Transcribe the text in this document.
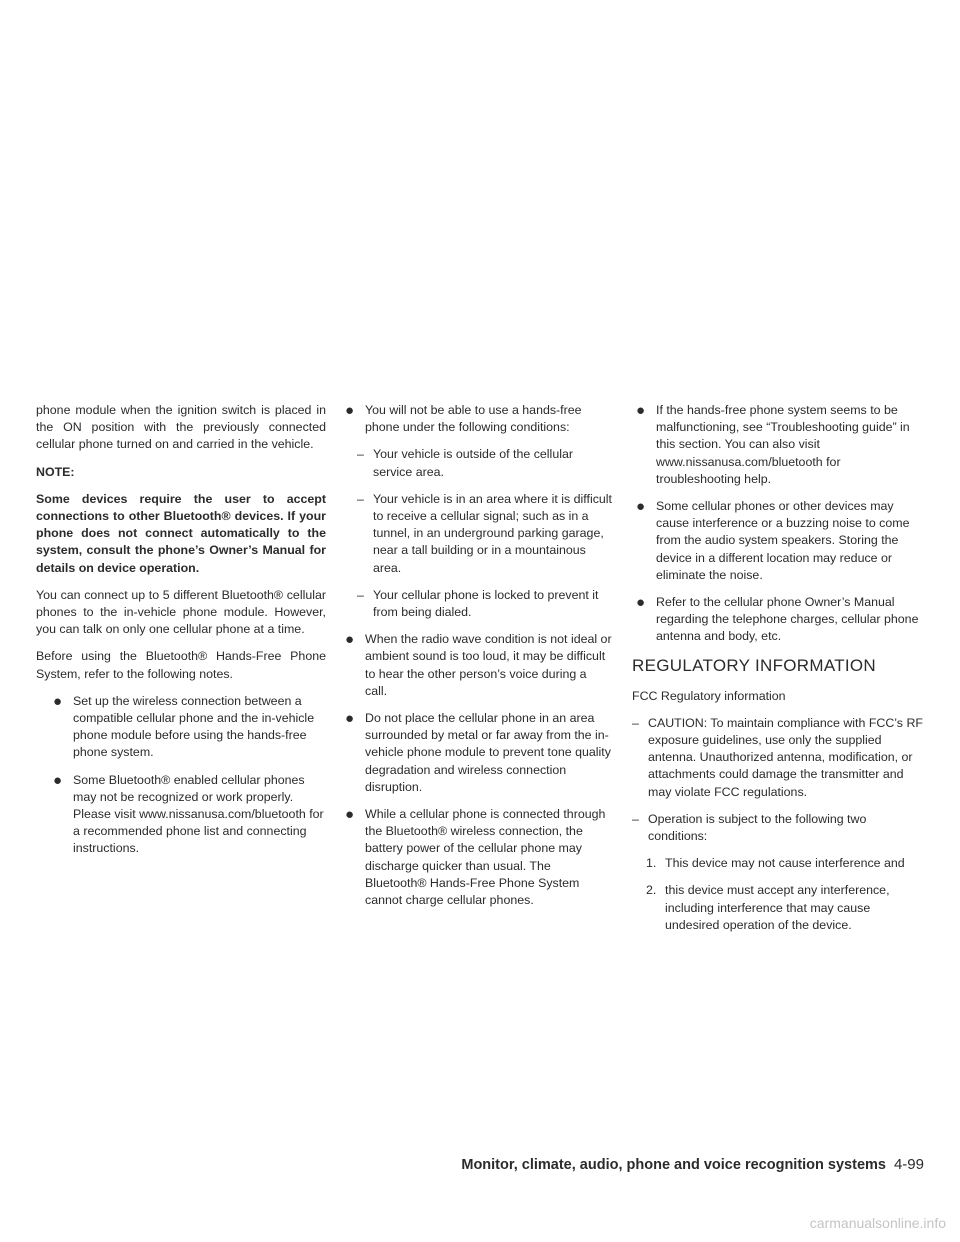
phone module when the ignition switch is placed in the ON position with the previously connected cellular phone turned on and carried in the vehicle.

NOTE:

Some devices require the user to accept connections to other Bluetooth® devices. If your phone does not connect automatically to the system, consult the phone’s Owner’s Manual for details on device operation.

You can connect up to 5 different Bluetooth® cellular phones to the in-vehicle phone module. However, you can talk on only one cellular phone at a time.

Before using the Bluetooth® Hands-Free Phone System, refer to the following notes.

● Set up the wireless connection between a compatible cellular phone and the in-vehicle phone module before using the hands-free phone system.
● Some Bluetooth® enabled cellular phones may not be recognized or work properly. Please visit www.nissanusa.com/bluetooth for a recommended phone list and connecting instructions.
● You will not be able to use a hands-free phone under the following conditions:
– Your vehicle is outside of the cellular service area.
– Your vehicle is in an area where it is difficult to receive a cellular signal; such as in a tunnel, in an underground parking garage, near a tall building or in a mountainous area.
– Your cellular phone is locked to prevent it from being dialed.
● When the radio wave condition is not ideal or ambient sound is too loud, it may be difficult to hear the other person’s voice during a call.
● Do not place the cellular phone in an area surrounded by metal or far away from the in-vehicle phone module to prevent tone quality degradation and wireless connection disruption.
● While a cellular phone is connected through the Bluetooth® wireless connection, the battery power of the cellular phone may discharge quicker than usual. The Bluetooth® Hands-Free Phone System cannot charge cellular phones.
● If the hands-free phone system seems to be malfunctioning, see “Troubleshooting guide” in this section. You can also visit www.nissanusa.com/bluetooth for troubleshooting help.
● Some cellular phones or other devices may cause interference or a buzzing noise to come from the audio system speakers. Storing the device in a different location may reduce or eliminate the noise.
● Refer to the cellular phone Owner’s Manual regarding the telephone charges, cellular phone antenna and body, etc.
REGULATORY INFORMATION

FCC Regulatory information

– CAUTION: To maintain compliance with FCC’s RF exposure guidelines, use only the supplied antenna. Unauthorized antenna, modification, or attachments could damage the transmitter and may violate FCC regulations.
– Operation is subject to the following two conditions:
1. This device may not cause interference and
2. this device must accept any interference, including interference that may cause undesired operation of the device.
Monitor, climate, audio, phone and voice recognition systems 4-99
carmanualsonline.info
